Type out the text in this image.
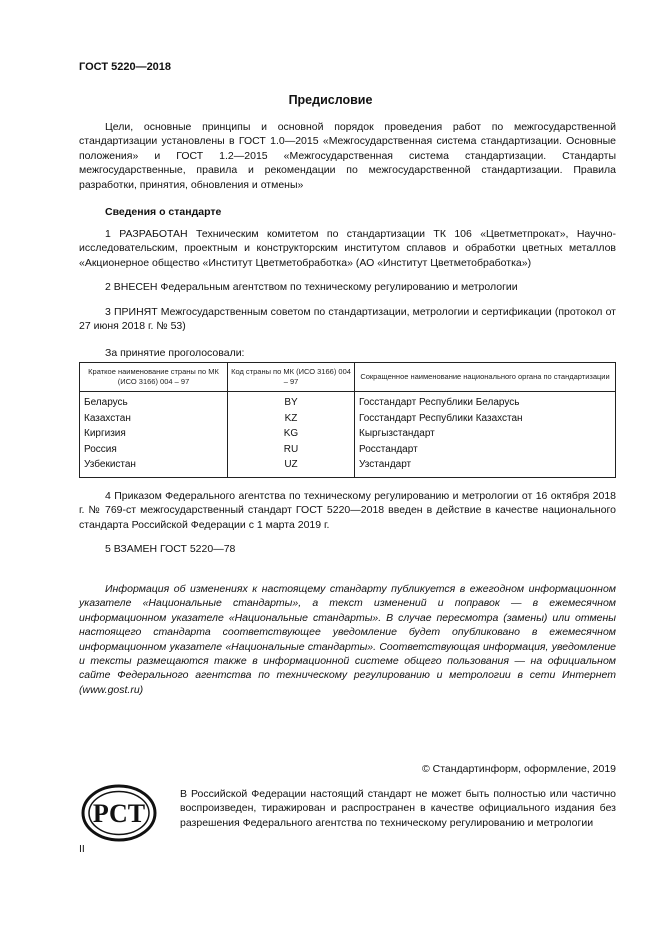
ГОСТ 5220—2018
Предисловие
Цели, основные принципы и основной порядок проведения работ по межгосударственной стандартизации установлены в ГОСТ 1.0—2015 «Межгосударственная система стандартизации. Основные положения» и ГОСТ 1.2—2015 «Межгосударственная система стандартизации. Стандарты межгосударственные, правила и рекомендации по межгосударственной стандартизации. Правила разработки, принятия, обновления и отмены»
Сведения о стандарте
1 РАЗРАБОТАН Техническим комитетом по стандартизации ТК 106 «Цветметпрокат», Научно-исследовательским, проектным и конструкторским институтом сплавов и обработки цветных металлов «Акционерное общество «Институт Цветметобработка» (АО «Институт Цветметобработка»)
2 ВНЕСЕН Федеральным агентством по техническому регулированию и метрологии
3 ПРИНЯТ Межгосударственным советом по стандартизации, метрологии и сертификации (протокол от 27 июня 2018 г. № 53)
За принятие проголосовали:
Краткое наименование страны по МК (ИСО 3166) 004 – 97	Код страны по МК (ИСО 3166) 004 – 97	Сокращенное наименование национального органа по стандартизации
Беларусь	BY	Госстандарт Республики Беларусь
Казахстан	KZ	Госстандарт Республики Казахстан
Киргизия	KG	Кыргызстандарт
Россия	RU	Росстандарт
Узбекистан	UZ	Узстандарт
4 Приказом Федерального агентства по техническому регулированию и метрологии от 16 октября 2018 г. № 769-ст межгосударственный стандарт ГОСТ 5220—2018 введен в действие в качестве национального стандарта Российской Федерации с 1 марта 2019 г.
5 ВЗАМЕН ГОСТ 5220—78
Информация об изменениях к настоящему стандарту публикуется в ежегодном информационном указателе «Национальные стандарты», а текст изменений и поправок — в ежемесячном информационном указателе «Национальные стандарты». В случае пересмотра (замены) или отмены настоящего стандарта соответствующее уведомление будет опубликовано в ежемесячном информационном указателе «Национальные стандарты». Соответствующая информация, уведомление и тексты размещаются также в информационной системе общего пользования — на официальном сайте Федерального агентства по техническому регулированию и метрологии в сети Интернет (www.gost.ru)
© Стандартинформ, оформление, 2019
РСТ
В Российской Федерации настоящий стандарт не может быть полностью или частично воспроизведен, тиражирован и распространен в качестве официального издания без разрешения Федерального агентства по техническому регулированию и метрологии
II
